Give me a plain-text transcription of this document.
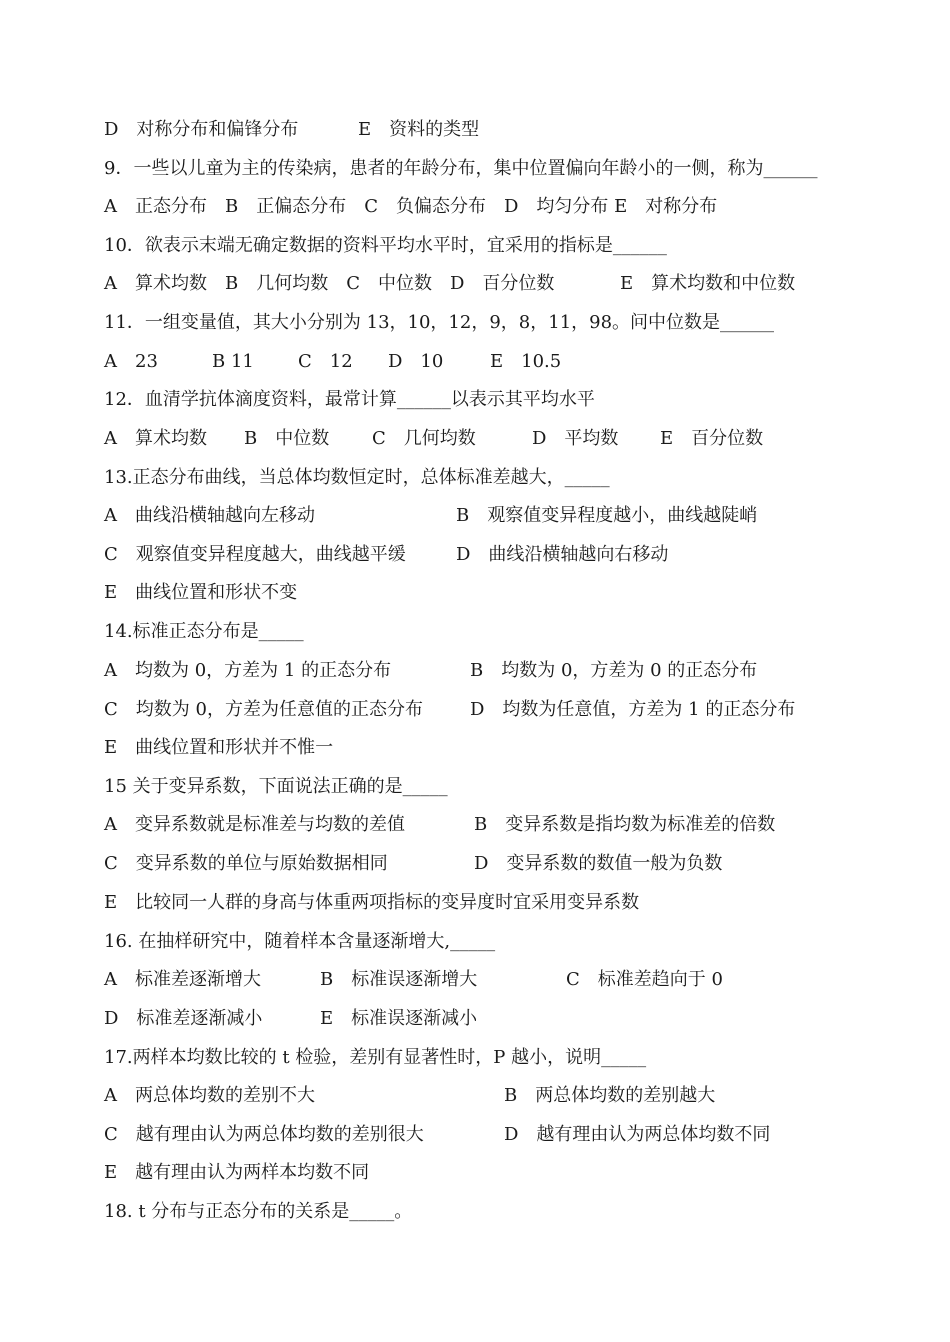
D　对称分布和偏锋分布	E　资料的类型
9．一些以儿童为主的传染病，患者的年龄分布，集中位置偏向年龄小的一侧，称为______
A　正态分布　B　正偏态分布　C　负偏态分布　D　均匀分布 E　对称分布
10．欲表示末端无确定数据的资料平均水平时，宜采用的指标是______
A　算术均数　B　几何均数　C　中位数　D　百分位数	E　算术均数和中位数
11．一组变量值，其大小分别为 13，10，12，9，8，11，98。问中位数是______
A　23	B 11 C　12 D　10	E　10.5
12．血清学抗体滴度资料，最常计算______以表示其平均水平
A　算术均数 B　中位数 C　几何均数	D　平均数 E　百分位数
13.正态分布曲线，当总体均数恒定时，总体标准差越大，_____
A　曲线沿横轴越向左移动	B　观察值变异程度越小，曲线越陡峭
C　观察值变异程度越大，曲线越平缓	D　曲线沿横轴越向右移动
E　曲线位置和形状不变
14.标准正态分布是_____
A　均数为 0，方差为 1 的正态分布	B　均数为 0，方差为 0 的正态分布
C　均数为 0，方差为任意值的正态分布	D　均数为任意值，方差为 1 的正态分布
E　曲线位置和形状并不惟一
15 关于变异系数，下面说法正确的是_____
A　变异系数就是标准差与均数的差值	B　变异系数是指均数为标准差的倍数
C　变异系数的单位与原始数据相同	D　变异系数的数值一般为负数
E　比较同一人群的身高与体重两项指标的变异度时宜采用变异系数
16. 在抽样研究中，随着样本含量逐渐增大,_____
A　标准差逐渐增大	B　标准误逐渐增大	C　标准差趋向于 0
D　标准差逐渐减小	E　标准误逐渐减小
17.两样本均数比较的 t 检验，差别有显著性时，P 越小，说明_____
A　两总体均数的差别不大	B　两总体均数的差别越大
C　越有理由认为两总体均数的差别很大	D　越有理由认为两总体均数不同
E　越有理由认为两样本均数不同
18. t 分布与正态分布的关系是_____。
